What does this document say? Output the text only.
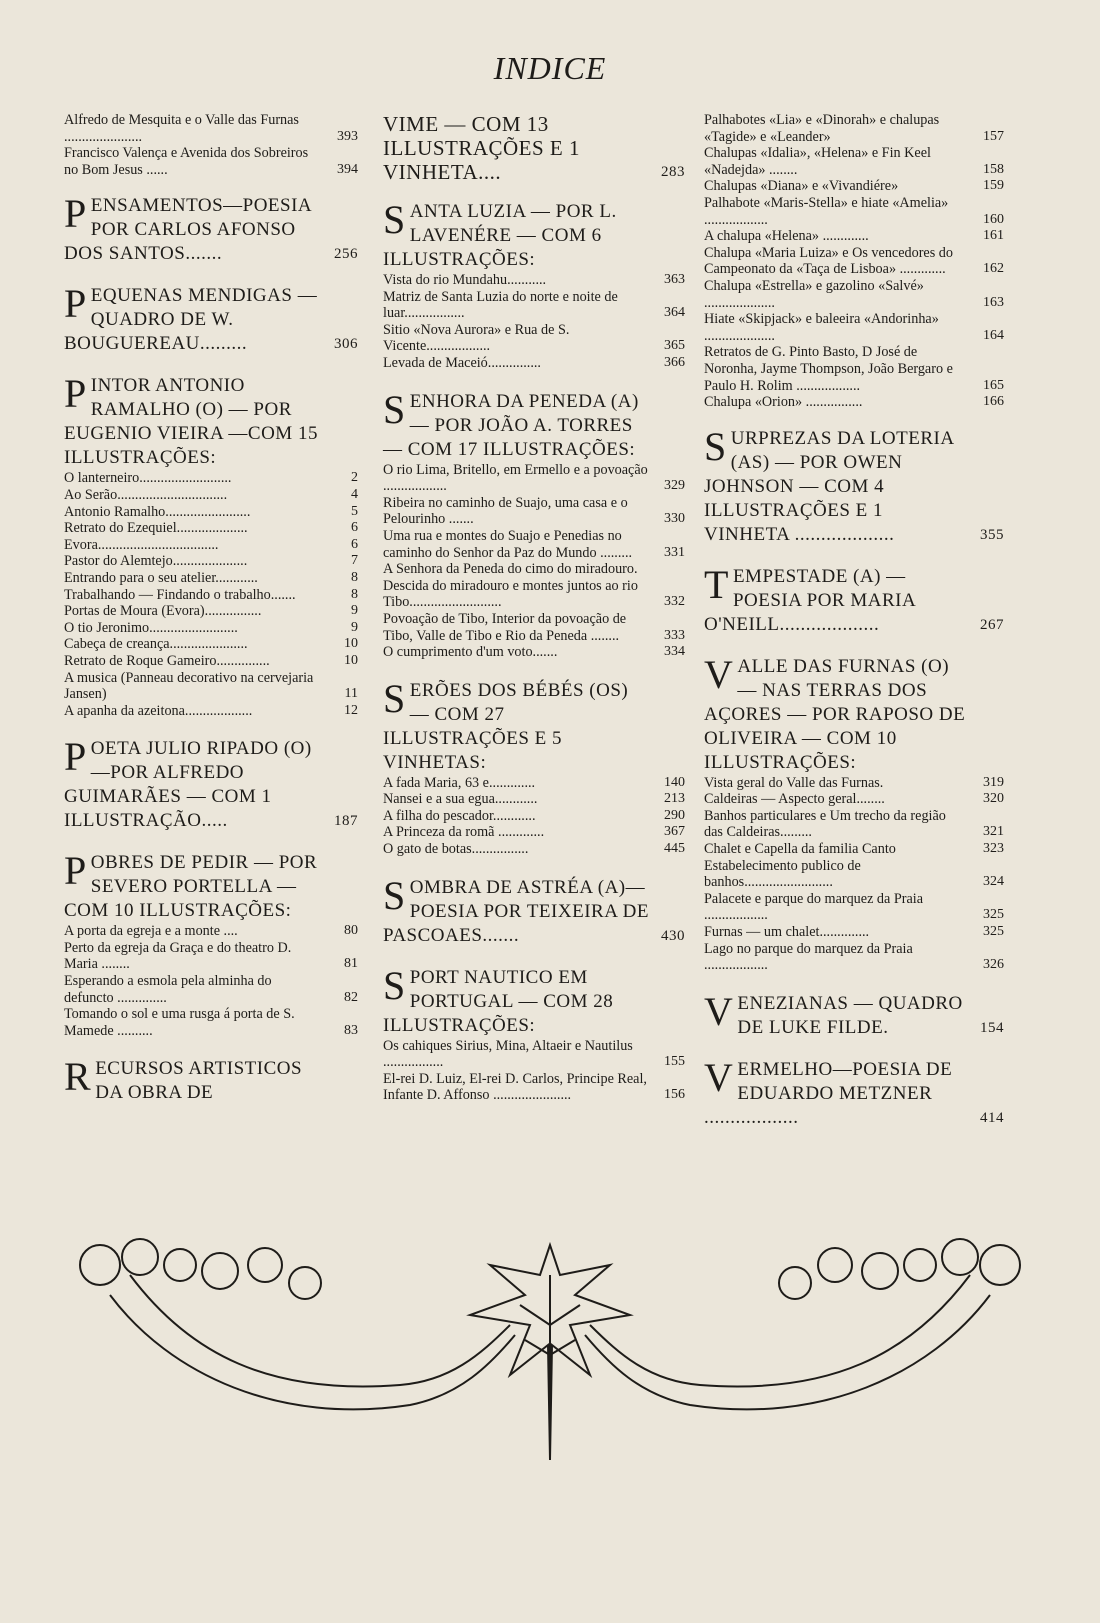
INDICE
Alfredo de Mesquita e o Valle das Furnas ......................	393
Francisco Valença e Avenida dos Sobreiros no Bom Jesus ......	394
PENSAMENTOS—POESIA POR CARLOS AFONSO DOS SANTOS.......	256
PEQUENAS MENDIGAS — QUADRO DE W. BOUGUEREAU.........	306
PINTOR ANTONIO RAMALHO (O) — POR EUGENIO VIEIRA —COM 15 ILLUSTRAÇÕES:
O lanterneiro..........................	2
Ao Serão...............................	4
Antonio Ramalho........................	5
Retrato do Ezequiel....................	6
Evora..................................	6
Pastor do Alemtejo.....................	7
Entrando para o seu atelier............	8
Trabalhando — Findando o trabalho.......	8
Portas de Moura (Evora)................	9
O tio Jeronimo.........................	9
Cabeça de creança......................	10
Retrato de Roque Gameiro...............	10
A musica (Panneau decorativo na cervejaria Jansen)	11
A apanha da azeitona...................	12
POETA JULIO RIPADO (O)—POR ALFREDO GUIMARÃES — COM 1 ILLUSTRAÇÃO.....	187
POBRES DE PEDIR — POR SEVERO PORTELLA — COM 10 ILLUSTRAÇÕES:
A porta da egreja e a monte ....	80
Perto da egreja da Graça e do theatro D. Maria ........	81
Esperando a esmola pela alminha do defuncto ..............	82
Tomando o sol e uma rusga á porta de S. Mamede ..........	83
RECURSOS ARTISTICOS DA OBRA DE
VIME — COM 13 ILLUSTRAÇÕES E 1 VINHETA....	283
SANTA LUZIA — POR L. LAVENÉRE — COM 6 ILLUSTRAÇÕES:
Vista do rio Mundahu...........	363
Matriz de Santa Luzia do norte e noite de luar.................	364
Sitio «Nova Aurora» e Rua de S. Vicente..................	365
Levada de Maceió...............	366
SENHORA DA PENEDA (A) — POR JOÃO A. TORRES — COM 17 ILLUSTRAÇÕES:
O rio Lima, Britello, em Ermello e a povoação ..................	329
Ribeira no caminho de Suajo, uma casa e o Pelourinho .......	330
Uma rua e montes do Suajo e Penedias no caminho do Senhor da Paz do Mundo .........	331
A Senhora da Peneda do cimo do miradouro. Descida do miradouro e montes juntos ao rio Tibo..........................	332
Povoação de Tibo, Interior da povoação de Tibo, Valle de Tibo e Rio da Peneda ........	333
O cumprimento d'um voto.......	334
SERÕES DOS BÉBÉS (OS) — COM 27 ILLUSTRAÇÕES E 5 VINHETAS:
A fada Maria, 63 e.............	140
Nansei e a sua egua............	213
A filha do pescador............	290
A Princeza da romã .............	367
O gato de botas................	445
SOMBRA DE ASTRÉA (A)—POESIA POR TEIXEIRA DE PASCOAES.......	430
SPORT NAUTICO EM PORTUGAL — COM 28 ILLUSTRAÇÕES:
Os cahiques Sirius, Mina, Altaeir e Nautilus .................	155
El-rei D. Luiz, El-rei D. Carlos, Principe Real, Infante D. Affonso ......................	156
Palhabotes «Lia» e «Dinorah» e chalupas «Tagide» e «Leander»	157
Chalupas «Idalia», «Helena» e Fin Keel «Nadejda» ........	158
Chalupas «Diana» e «Vivandiére»	159
Palhabote «Maris-Stella» e hiate «Amelia» ..................	160
A chalupa «Helena» .............	161
Chalupa «Maria Luiza» e Os vencedores do Campeonato da «Taça de Lisboa» .............	162
Chalupa «Estrella» e gazolino «Salvé» ....................	163
Hiate «Skipjack» e baleeira «Andorinha» ....................	164
Retratos de G. Pinto Basto, D José de Noronha, Jayme Thompson, João Bergaro e Paulo H. Rolim ..................	165
Chalupa «Orion» ................	166
SURPREZAS DA LOTERIA (AS) — POR OWEN JOHNSON — COM 4 ILLUSTRAÇÕES E 1 VINHETA ...................	355
TEMPESTADE (A) — POESIA POR MARIA O'NEILL...................	267
VALLE DAS FURNAS (O) — NAS TERRAS DOS AÇORES — POR RAPOSO DE OLIVEIRA — COM 10 ILLUSTRAÇÕES:
Vista geral do Valle das Furnas.	319
Caldeiras — Aspecto geral........	320
Banhos particulares e Um trecho da região das Caldeiras.........	321
Chalet e Capella da familia Canto	323
Estabelecimento publico de banhos.........................	324
Palacete e parque do marquez da Praia ..................	325
Furnas — um chalet..............	325
Lago no parque do marquez da Praia ..................	326
VENEZIANAS — QUADRO DE LUKE FILDE.	154
VERMELHO—POESIA DE EDUARDO METZNER ..................	414
